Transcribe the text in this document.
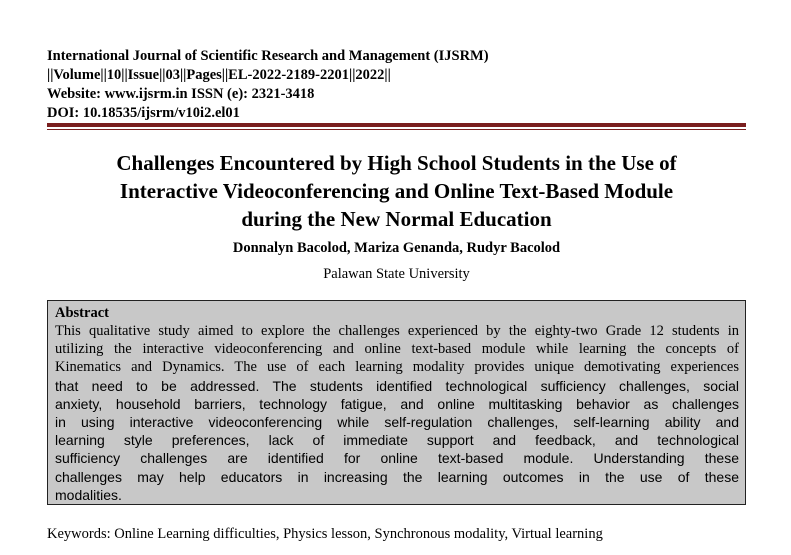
International Journal of Scientific Research and Management (IJSRM)
||Volume||10||Issue||03||Pages||EL-2022-2189-2201||2022||
Website: www.ijsrm.in ISSN (e): 2321-3418
DOI: 10.18535/ijsrm/v10i2.el01
Challenges Encountered by High School Students in the Use of
Interactive Videoconferencing and Online Text-Based Module
during the New Normal Education
Donnalyn Bacolod, Mariza Genanda, Rudyr Bacolod
Palawan State University
Abstract
This qualitative study aimed to explore the challenges experienced by the eighty-two Grade 12 students in
utilizing the interactive videoconferencing and online text-based module while learning the concepts of
Kinematics and Dynamics. The use of each learning modality provides unique demotivating experiences
that need to be addressed. The students identified technological sufficiency challenges, social
anxiety, household barriers, technology fatigue, and online multitasking behavior as challenges
in using interactive videoconferencing while self-regulation challenges, self-learning ability and
learning style preferences, lack of immediate support and feedback, and technological
sufficiency challenges are identified for online text-based module. Understanding these
challenges may help educators in increasing the learning outcomes in the use of these
modalities.
Keywords: Online Learning difficulties, Physics lesson, Synchronous modality, Virtual learning
